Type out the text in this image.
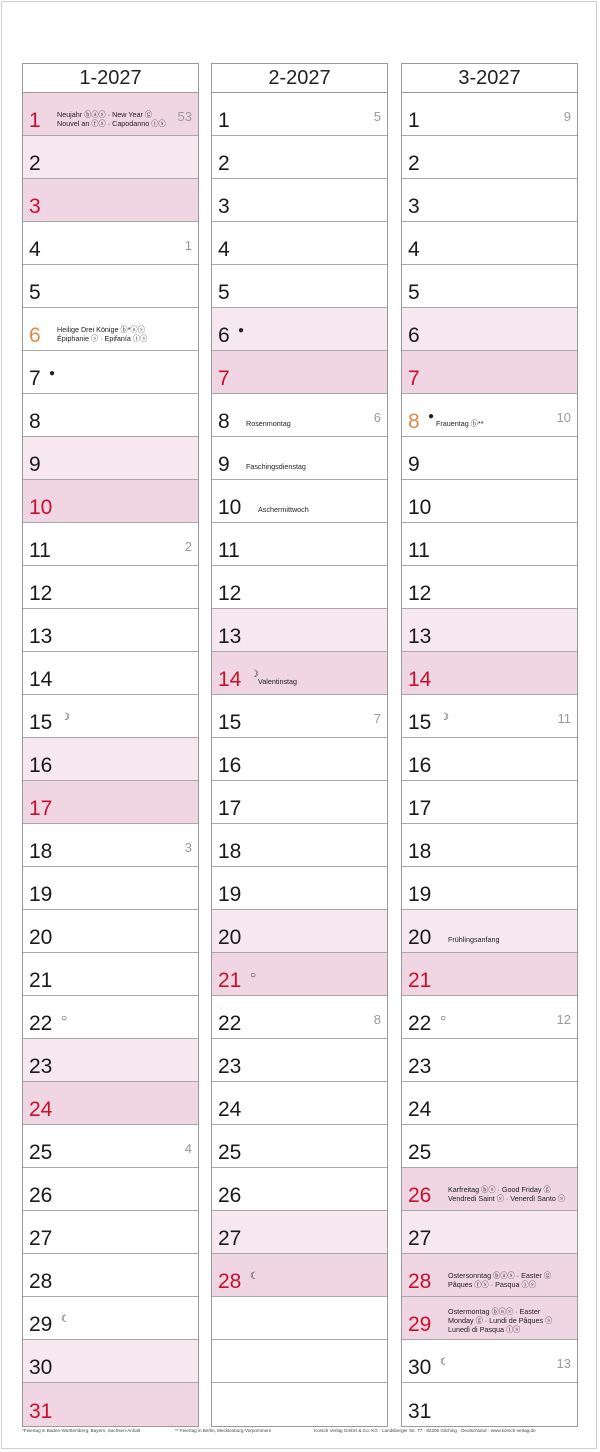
1-2027
1	53
Neujahr ⓑⓐⓢ · New Year ⓖ
Nouvel an ⓕⓢ · Capodanno ⓘⓢ
2
3
4	1
5
6 Heilige Drei Könige ⓑ*ⓐⓢ
Épiphanie ⓢ · Epifanía ⓘⓢ
7 ●
8
9
10
11	2
12
13
14
15 ☽
16
17
18	3
19
20
21
22 ○
23
24
25	4
26
27
28
29 ☾
30
31
2-2027
1	5
2
3
4
5
6 ●
7
8	6
Rosenmontag
9 Faschingsdienstag
10 Aschermittwoch
11
12
13
14 ☽
Valentinstag
15	7
16
17
18
19
20
21 ○
22	8
23
24
25
26
27
28 ☾
3-2027
1	9
2
3
4
5
6
7
8 ●	10
Frauentag ⓑ**
9
10
11
12
13
14
15 ☽	11
16
17
18
19
20 Frühlingsanfang
21
22 ○	12
23
24
25
26 Karfreitag ⓑⓢ · Good Friday ⓖ
Vendredi Saint ⓢ · Venerdì Santo ⓢ
27
28 Ostersonntag ⓑⓐⓢ · Easter ⓖ
Pâques ⓕⓢ · Pasqua ⓘⓢ
29
Ostermontag ⓑⓐⓢ · Easter
Monday ⓖ · Lundi de Pâques ⓢ
Lunedì di Pasqua ⓘⓢ
30 ☾	13
31
*Feiertag in Baden-Württemberg, Bayern, Sachsen-Anhalt	** Feiertag in Berlin, Mecklenburg-Vorpommern	Korsch Verlag GmbH & Co. KG · Landsberger Str. 77 · 82205 Gilching · Deutschland · www.korsch-verlag.de
